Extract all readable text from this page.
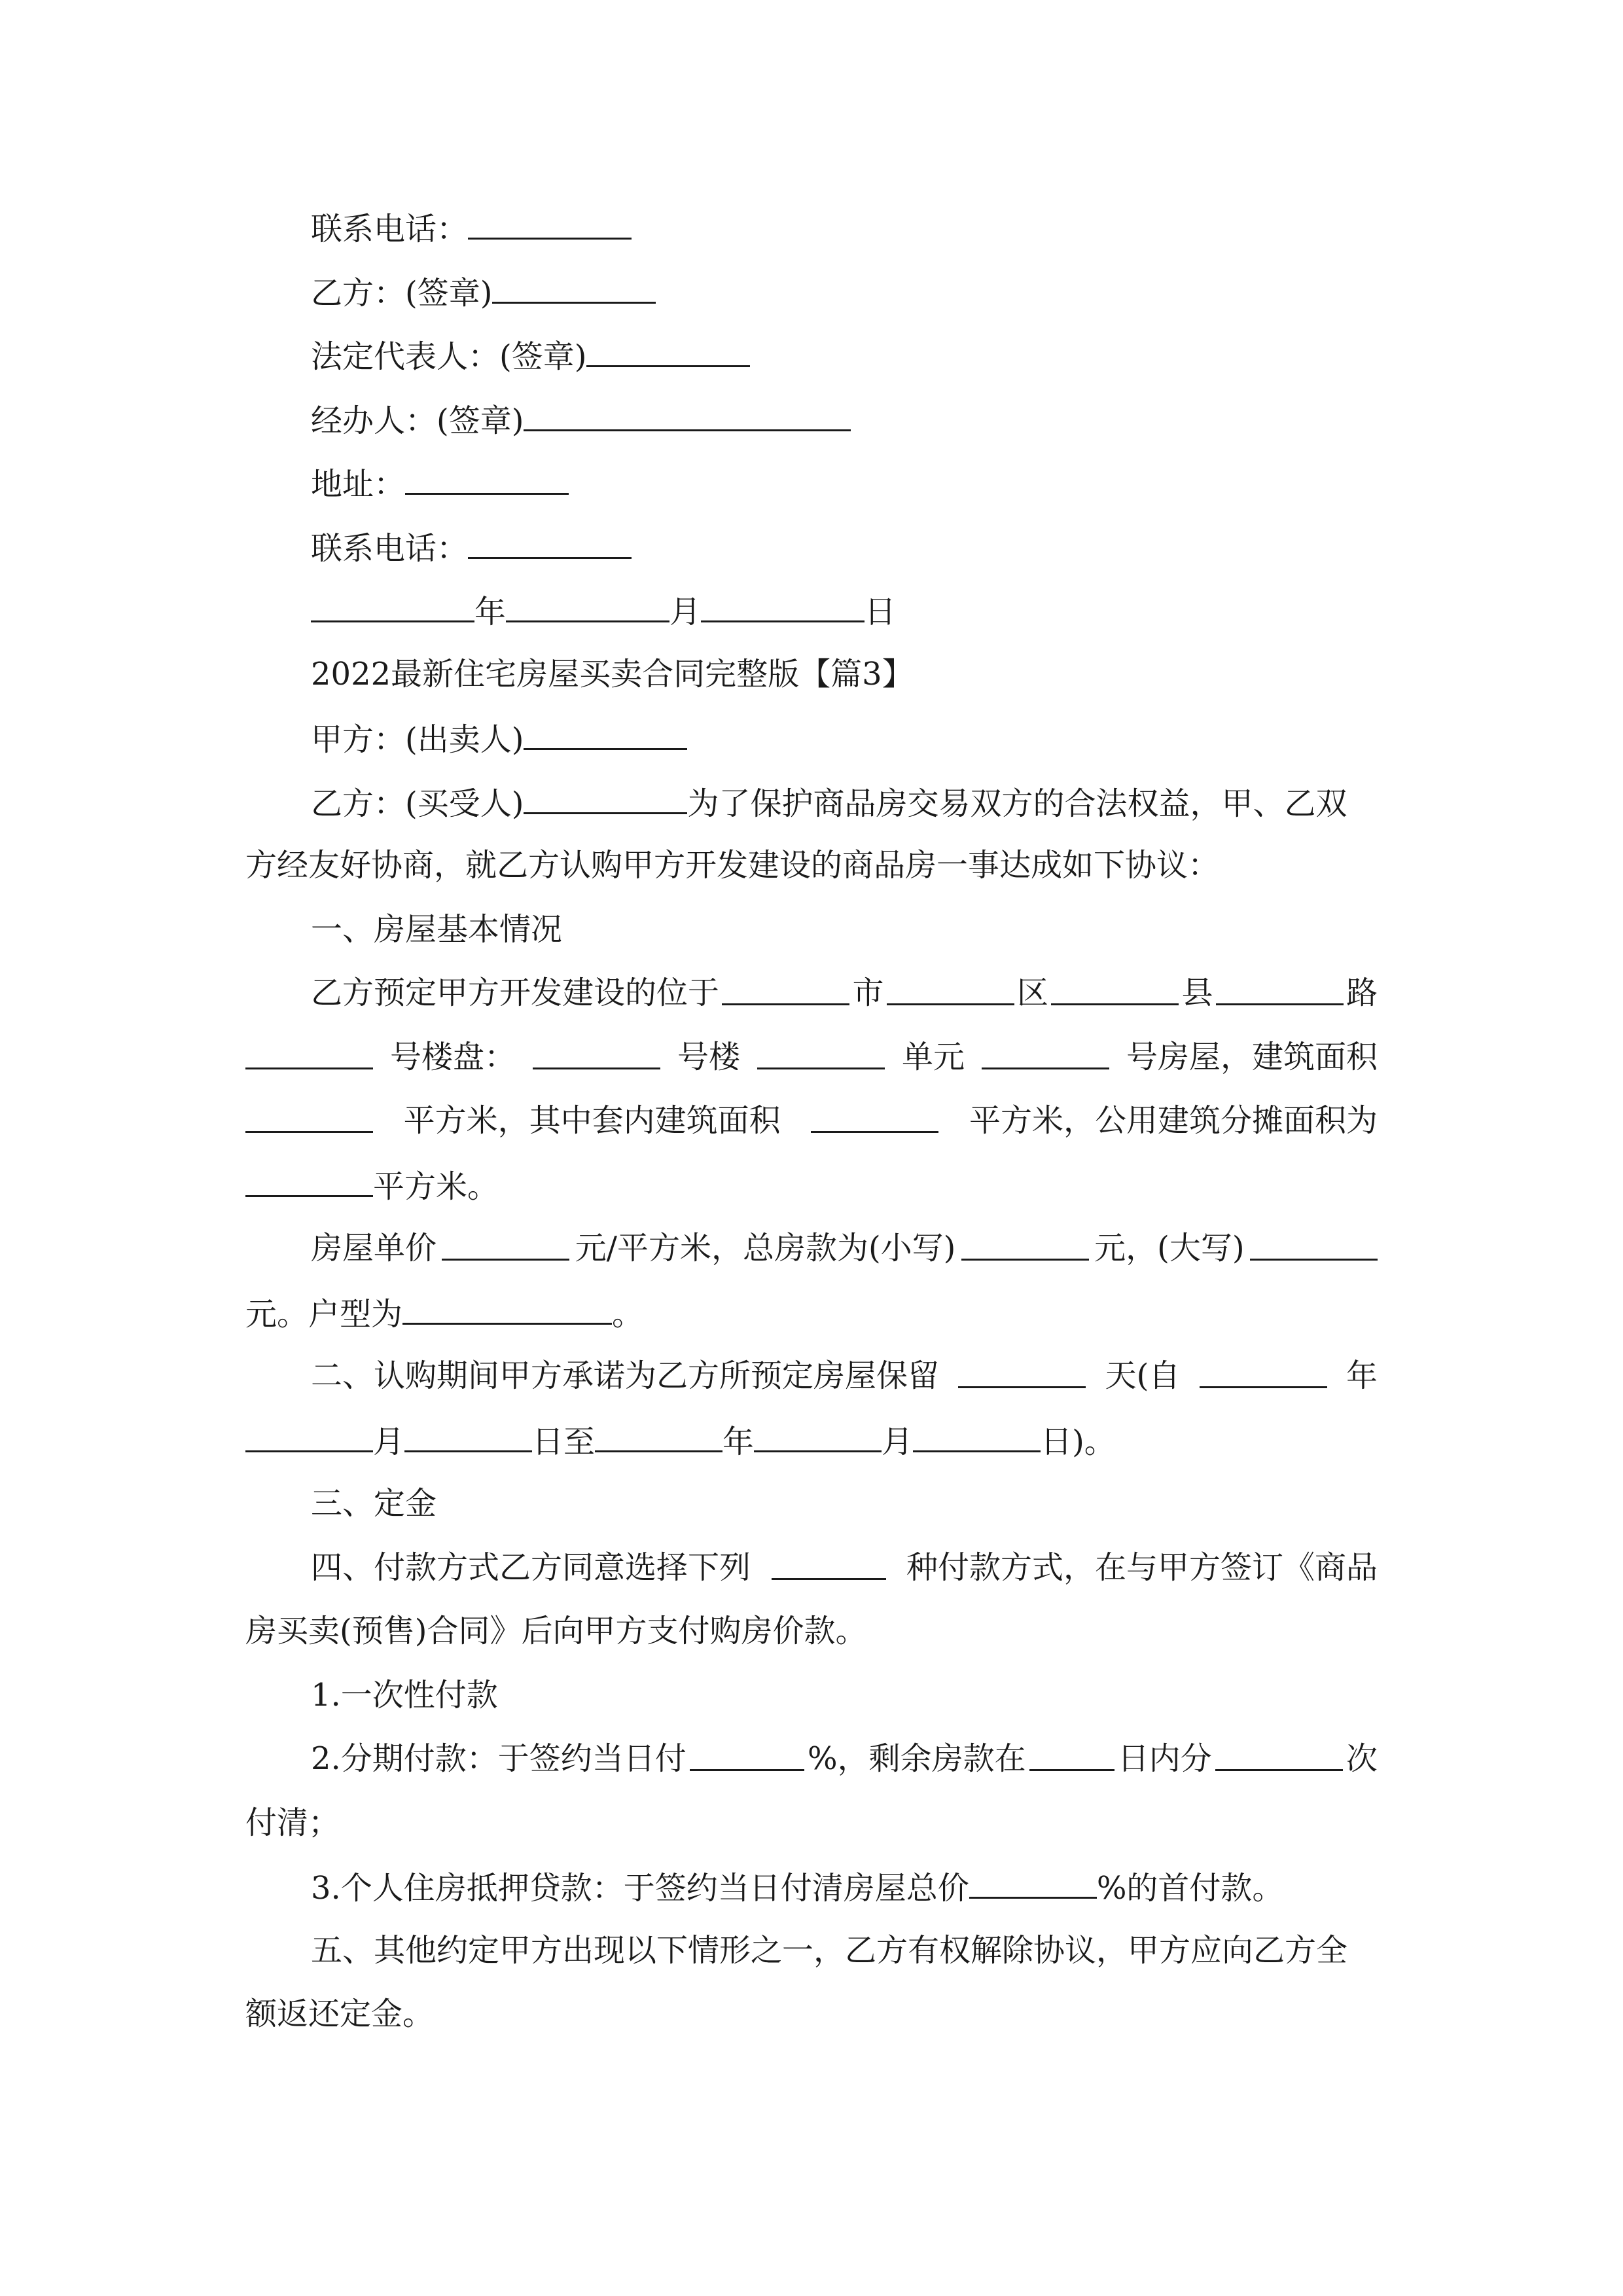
联系电话：
乙方：(签章)
法定代表人：(签章)
经办人：(签章)
地址：
联系电话：
年	月	日
2022最新住宅房屋买卖合同完整版【篇3】
甲方：(出卖人)
乙方：(买受人)	为了保护商品房交易双方的合法权益，甲、乙双
方经友好协商，就乙方认购甲方开发建设的商品房一事达成如下协议：
一、房屋基本情况
乙方预定甲方开发建设的位于	市	区	县	路
号楼盘：	号楼	单元	号房屋，建筑面积
平方米，其中套内建筑面积	平方米，公用建筑分摊面积为
平方米。
房屋单价	元/平方米，总房款为(小写)	元，(大写)
元。户型为	。
二、认购期间甲方承诺为乙方所预定房屋保留	天(自	年
月	日至	年	月	日)。
三、定金
四、付款方式乙方同意选择下列	种付款方式，在与甲方签订《商品
房买卖(预售)合同》后向甲方支付购房价款。
1.一次性付款
2.分期付款：于签约当日付	%，剩余房款在	日内分	次
付清；
3.个人住房抵押贷款：于签约当日付清房屋总价	%的首付款。
五、其他约定甲方出现以下情形之一，乙方有权解除协议，甲方应向乙方全
额返还定金。
